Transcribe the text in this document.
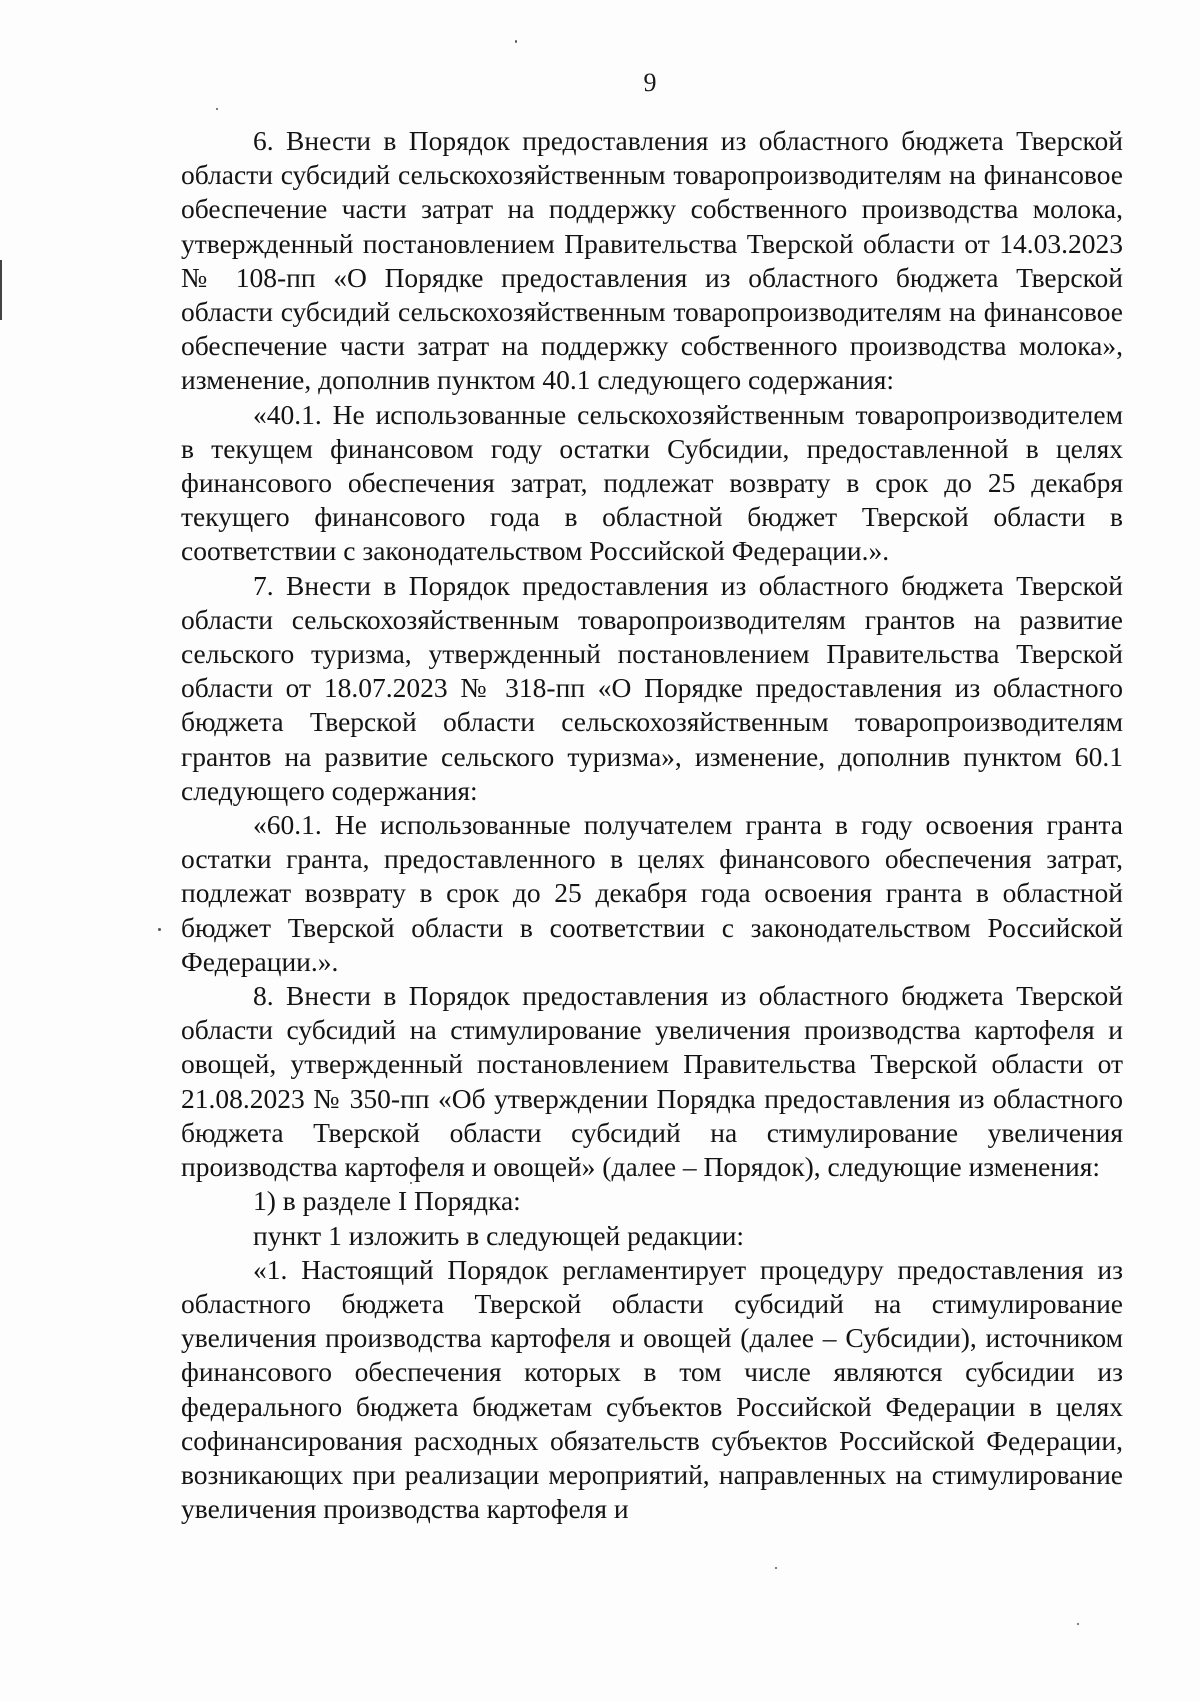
9

6. Внести в Порядок предоставления из областного бюджета Тверской области субсидий сельскохозяйственным товаропроизводителям на финансовое обеспечение части затрат на поддержку собственного производства молока, утвержденный постановлением Правительства Тверской области от 14.03.2023 № 108-пп «О Порядке предоставления из областного бюджета Тверской области субсидий сельскохозяйственным товаропроизводителям на финансовое обеспечение части затрат на поддержку собственного производства молока», изменение, дополнив пунктом 40.1 следующего содержания:

«40.1. Не использованные сельскохозяйственным товаропроизводителем в текущем финансовом году остатки Субсидии, предоставленной в целях финансового обеспечения затрат, подлежат возврату в срок до 25 декабря текущего финансового года в областной бюджет Тверской области в соответствии с законодательством Российской Федерации.».

7. Внести в Порядок предоставления из областного бюджета Тверской области сельскохозяйственным товаропроизводителям грантов на развитие сельского туризма, утвержденный постановлением Правительства Тверской области от 18.07.2023 № 318-пп «О Порядке предоставления из областного бюджета Тверской области сельскохозяйственным товаропроизводителям грантов на развитие сельского туризма», изменение, дополнив пунктом 60.1 следующего содержания:

«60.1. Не использованные получателем гранта в году освоения гранта остатки гранта, предоставленного в целях финансового обеспечения затрат, подлежат возврату в срок до 25 декабря года освоения гранта в областной бюджет Тверской области в соответствии с законодательством Российской Федерации.».

8. Внести в Порядок предоставления из областного бюджета Тверской области субсидий на стимулирование увеличения производства картофеля и овощей, утвержденный постановлением Правительства Тверской области от 21.08.2023 № 350-пп «Об утверждении Порядка предоставления из областного бюджета Тверской области субсидий на стимулирование увеличения производства картофеля и овощей» (далее – Порядок), следующие изменения:

1) в разделе I Порядка:

пункт 1 изложить в следующей редакции:

«1. Настоящий Порядок регламентирует процедуру предоставления из областного бюджета Тверской области субсидий на стимулирование увеличения производства картофеля и овощей (далее – Субсидии), источником финансового обеспечения которых в том числе являются субсидии из федерального бюджета бюджетам субъектов Российской Федерации в целях софинансирования расходных обязательств субъектов Российской Федерации, возникающих при реализации мероприятий, направленных на стимулирование увеличения производства картофеля и
